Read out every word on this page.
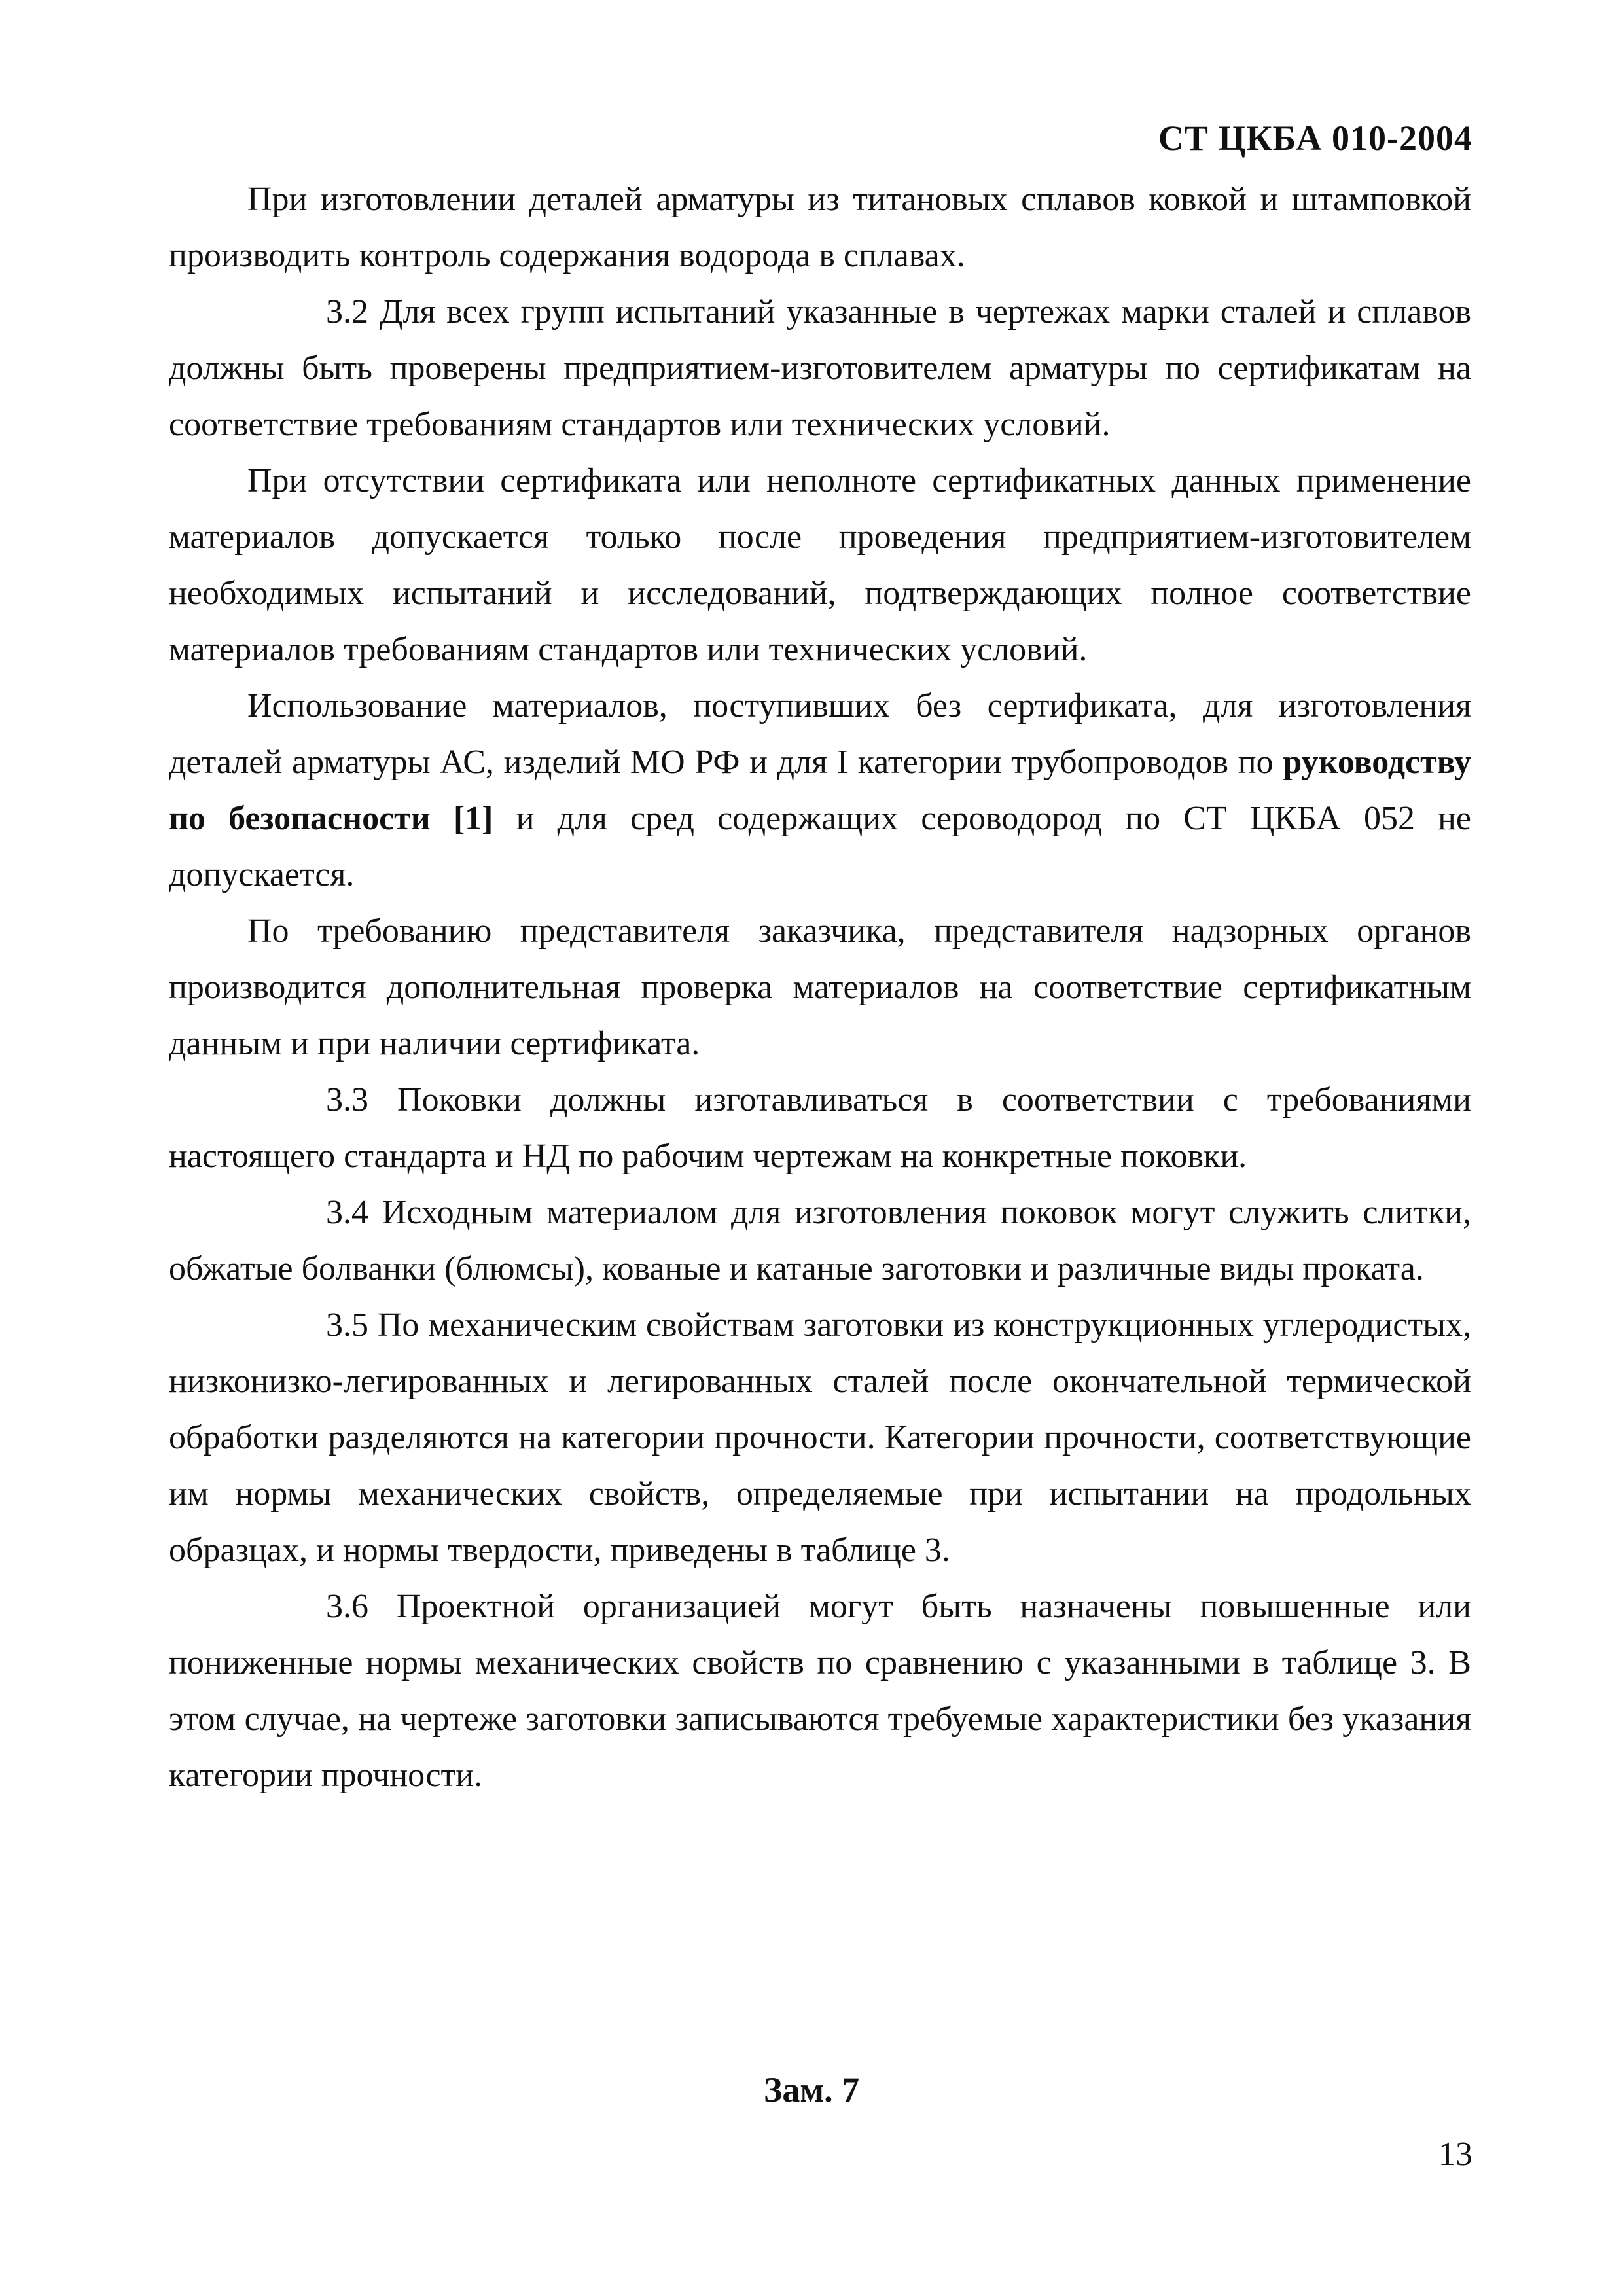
СТ ЦКБА 010-2004

При изготовлении деталей арматуры из титановых сплавов ковкой и штамповкой производить контроль содержания водорода в сплавах.

3.2 Для всех групп испытаний указанные в чертежах марки сталей и сплавов должны быть проверены предприятием-изготовителем арматуры по сертификатам на соответствие требованиям стандартов или технических условий.

При отсутствии сертификата или неполноте сертификатных данных применение материалов допускается только после проведения предприятием-изготовителем необходимых испытаний и исследований, подтверждающих полное соответствие материалов требованиям стандартов или технических условий.

Использование материалов, поступивших без сертификата, для изготовления деталей арматуры АС, изделий МО РФ и для I категории трубопроводов по руководству по безопасности [1] и для сред содержащих сероводород по СТ ЦКБА 052 не допускается.

По требованию представителя заказчика, представителя надзорных органов производится дополнительная проверка материалов на соответствие сертификатным данным и при наличии сертификата.

3.3 Поковки должны изготавливаться в соответствии с требованиями настоящего стандарта и НД по рабочим чертежам на конкретные поковки.

3.4 Исходным материалом для изготовления поковок могут служить слитки, обжатые болванки (блюмсы), кованые и катаные заготовки и различные виды проката.

3.5 По механическим свойствам заготовки из конструкционных углеродистых, низконизко-легированных и легированных сталей после окончательной термической обработки разделяются на категории прочности. Категории прочности, соответствующие им нормы механических свойств, определяемые при испытании на продольных образцах, и нормы твердости, приведены в таблице 3.

3.6 Проектной организацией могут быть назначены повышенные или пониженные нормы механических свойств по сравнению с указанными в таблице 3. В этом случае, на чертеже заготовки записываются требуемые характеристики без указания категории прочности.

Зам. 7
13
